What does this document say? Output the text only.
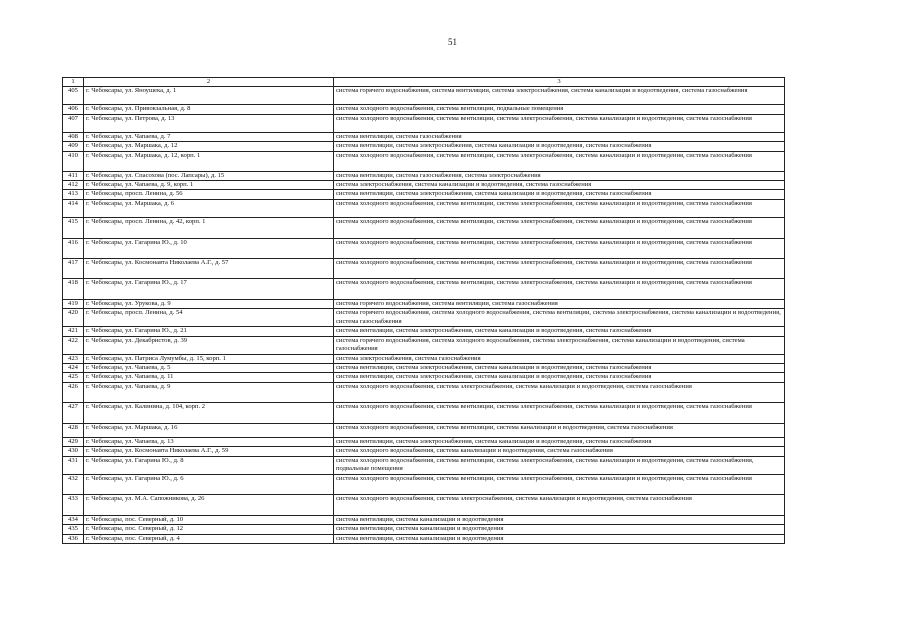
51
1	2	3
405	г. Чебоксары, ул. Яноушека, д. 1	система горячего водоснабжения, система вентиляции, система электроснабжения, система канализации и водоотведения, система газоснабжения
406	г. Чебоксары, ул. Привокзальная, д. 8	система холодного водоснабжения, система вентиляции, подвальные помещения
407	г. Чебоксары, ул. Петрова, д. 13	система холодного водоснабжения, система вентиляции, система электроснабжения, система канализации и водоотведения, система газоснабжения
408	г. Чебоксары, ул. Чапаева, д. 7	система вентиляции, система газоснабжения
409	г. Чебоксары, ул. Маршака, д. 12	система вентиляции, система электроснабжения, система канализации и водоотведения, система газоснабжения
410	г. Чебоксары, ул. Маршака, д. 12, корп. 1	система холодного водоснабжения, система вентиляции, система электроснабжения, система канализации и водоотведения, система газоснабжения
411	г. Чебоксары, ул. Спасохова (пос. Лапсары), д. 15	система вентиляции, система газоснабжения, система электроснабжения
412	г. Чебоксары, ул. Чапаева, д. 9, корп. 1	система электроснабжения, система канализации и водоотведения, система газоснабжения
413	г. Чебоксары, просп. Ленина, д. 56	система вентиляции, система электроснабжения, система канализации и водоотведения, система газоснабжения
414	г. Чебоксары, ул. Маршака, д. 6	система холодного водоснабжения, система вентиляции, система электроснабжения, система канализации и водоотведения, система газоснабжения
415	г. Чебоксары, просп. Ленина, д. 42, корп. 1	система холодного водоснабжения, система вентиляции, система электроснабжения, система канализации и водоотведения, система газоснабжения
416	г. Чебоксары, ул. Гагарина Ю., д. 10	система холодного водоснабжения, система вентиляции, система электроснабжения, система канализации и водоотведения, система газоснабжения
417	г. Чебоксары, ул. Космонавта Николаева А.Г., д. 57	система холодного водоснабжения, система вентиляции, система электроснабжения, система канализации и водоотведения, система газоснабжения
418	г. Чебоксары, ул. Гагарина Ю., д. 17	система холодного водоснабжения, система вентиляции, система электроснабжения, система канализации и водоотведения, система газоснабжения
419	г. Чебоксары, ул. Урукова, д. 9	система горячего водоснабжения, система вентиляции, система газоснабжения
420	г. Чебоксары, просп. Ленина, д. 54	система горячего водоснабжения, система холодного водоснабжения, система вентиляции, система электроснабжения, система канализации и водоотведения, система газоснабжения
421	г. Чебоксары, ул. Гагарина Ю., д. 21	система вентиляции, система электроснабжения, система канализации и водоотведения, система газоснабжения
422	г. Чебоксары, ул. Декабристов, д. 39	система горячего водоснабжения, система холодного водоснабжения, система электроснабжения, система канализации и водоотведения, система газоснабжения
423	г. Чебоксары, ул. Патриса Лумумбы, д. 15, корп. 1	система электроснабжения, система газоснабжения
424	г. Чебоксары, ул. Чапаева, д. 5	система вентиляции, система электроснабжения, система канализации и водоотведения, система газоснабжения
425	г. Чебоксары, ул. Чапаева, д. 11	система вентиляции, система электроснабжения, система канализации и водоотведения, система газоснабжения
426	г. Чебоксары, ул. Чапаева, д. 9	система холодного водоснабжения, система электроснабжения, система канализации и водоотведения, система газоснабжения
427	г. Чебоксары, ул. Калинина, д. 104, корп. 2	система холодного водоснабжения, система вентиляции, система электроснабжения, система канализации и водоотведения, система газоснабжения
428	г. Чебоксары, ул. Маршака, д. 16	система холодного водоснабжения, система вентиляции, система канализации и водоотведения, система газоснабжения
429	г. Чебоксары, ул. Чапаева, д. 13	система вентиляции, система электроснабжения, система канализации и водоотведения, система газоснабжения
430	г. Чебоксары, ул. Космонавта Николаева А.Г., д. 59	система холодного водоснабжения, система канализации и водоотведения, система газоснабжения
431	г. Чебоксары, ул. Гагарина Ю., д. 8	система холодного водоснабжения, система вентиляции, система электроснабжения, система канализации и водоотведения, система газоснабжения, подвальные помещения
432	г. Чебоксары, ул. Гагарина Ю., д. 6	система холодного водоснабжения, система вентиляции, система электроснабжения, система канализации и водоотведения, система газоснабжения
433	г. Чебоксары, ул. М.А. Сапожникова, д. 26	система холодного водоснабжения, система электроснабжения, система канализации и водоотведения, система газоснабжения
434	г. Чебоксары, пос. Северный, д. 10	система вентиляции, система канализации и водоотведения
435	г. Чебоксары, пос. Северный, д. 12	система вентиляции, система канализации и водоотведения
436	г. Чебоксары, пос. Северный, д. 4	система вентиляции, система канализации и водоотведения
